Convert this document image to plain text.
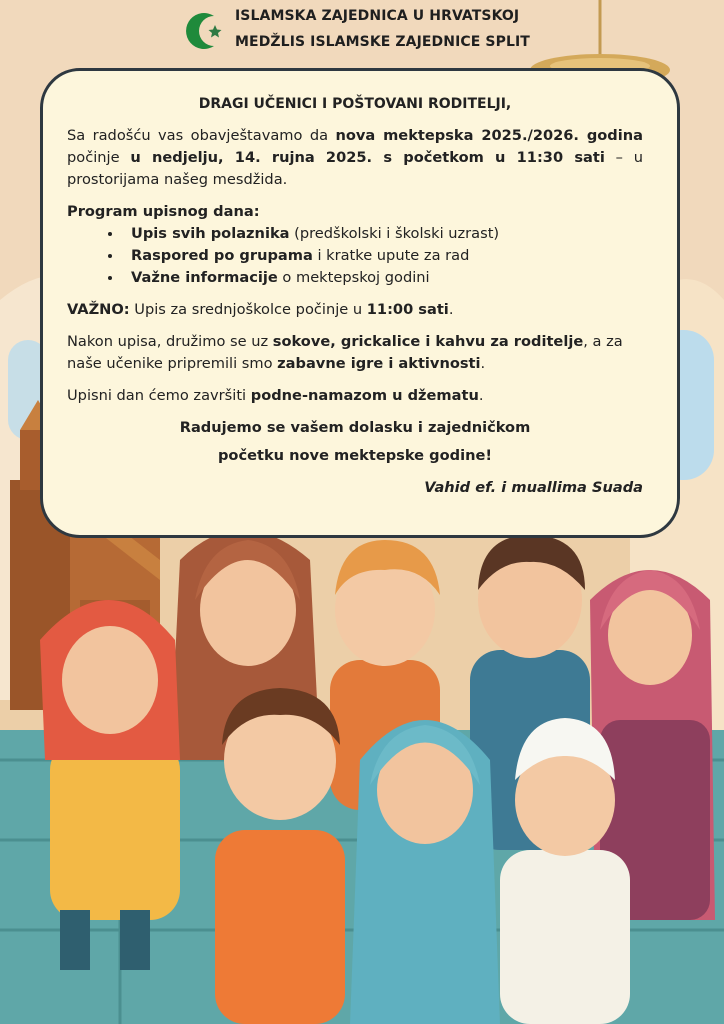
ISLAMSKA ZAJEDNICA U HRVATSKOJ
MEDŽLIS ISLAMSKE ZAJEDNICE SPLIT

DRAGI UČENICI I POŠTOVANI RODITELJI,

Sa radošću vas obavještavamo da nova mektepska 2025./2026. godina počinje u nedjelju, 14. rujna 2025. s početkom u 11:30 sati – u prostorijama našeg mesdžida.

Program upisnog dana:

• Upis svih polaznika (predškolski i školski uzrast)
• Raspored po grupama i kratke upute za rad
• Važne informacije o mektepskoj godini

VAŽNO: Upis za srednjoškolce počinje u 11:00 sati.

Nakon upisa, družimo se uz sokove, grickalice i kahvu za roditelje, a za naše učenike pripremili smo zabavne igre i aktivnosti.

Upisni dan ćemo završiti podne-namazom u džematu.

Radujemo se vašem dolasku i zajedničkom

početku nove mektepske godine!

Vahid ef. i muallima Suada
